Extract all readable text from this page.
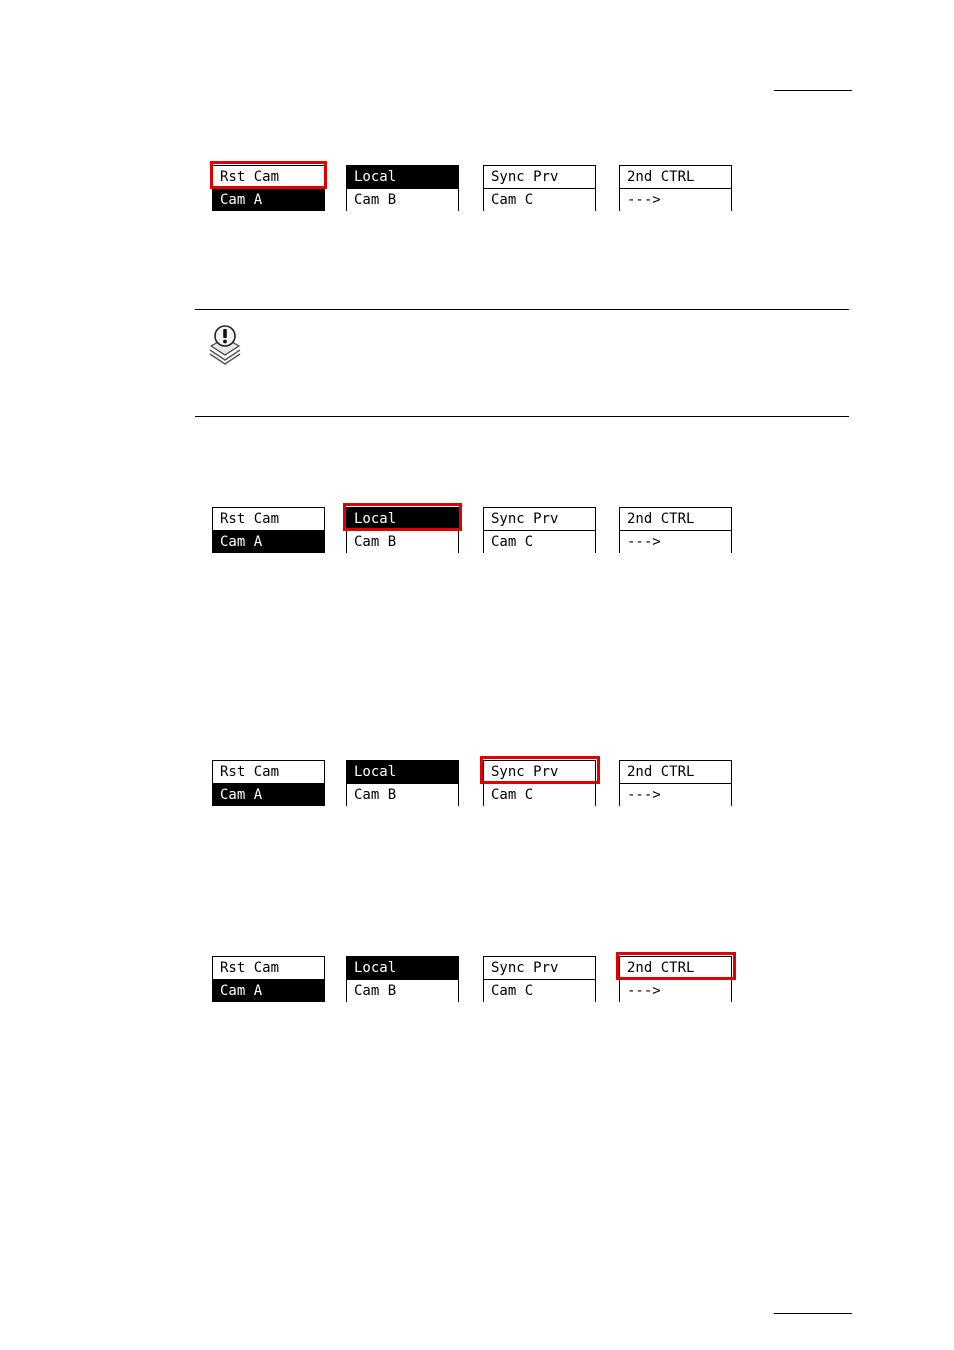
Rst Cam
Cam A
Local
Cam B
Sync Prv
Cam C
2nd CTRL
--->
Rst Cam
Cam A
Local
Cam B
Sync Prv
Cam C
2nd CTRL
--->
Rst Cam
Cam A
Local
Cam B
Sync Prv
Cam C
2nd CTRL
--->
Rst Cam
Cam A
Local
Cam B
Sync Prv
Cam C
2nd CTRL
--->
